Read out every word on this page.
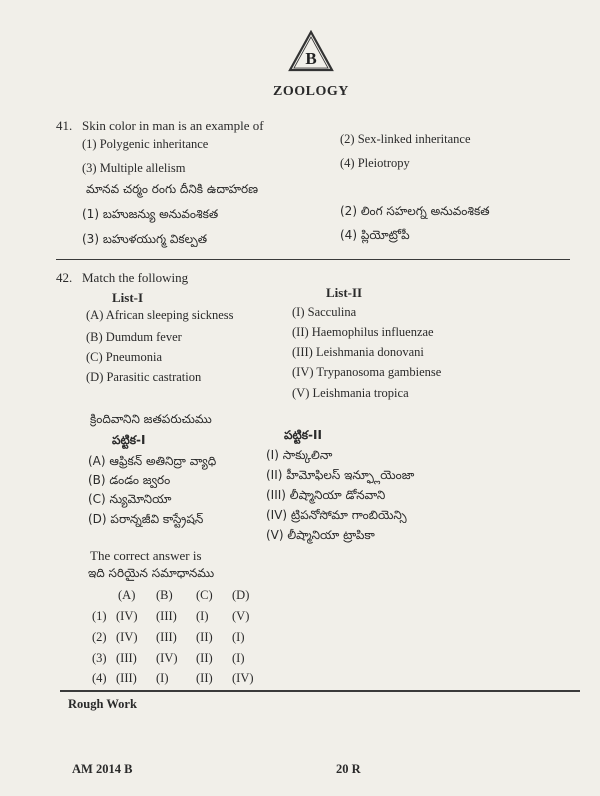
B
ZOOLOGY
41. Skin color in man is an example of
(1) Polygenic inheritance	(2) Sex-linked inheritance
(3) Multiple allelism	(4) Pleiotropy
మానవ చర్మం రంగు దీనికి ఉదాహరణ
(1) బహుజన్యు అనువంశికత	(2) లింగ సహలగ్న అనువంశికత
(3) బహుళయుగ్మ వికల్పత	(4) ప్లియోట్రోపీ
42. Match the following
List-I	List-II
(A) African sleeping sickness
(B) Dumdum fever
(C) Pneumonia
(D) Parasitic castration
(I) Sacculina
(II) Haemophilus influenzae
(III) Leishmania donovani
(IV) Trypanosoma gambiense
(V) Leishmania tropica
క్రిందివానిని జతపరుచుము
పట్టిక-I	పట్టిక-II
(A) ఆఫ్రికన్ అతినిద్రా వ్యాధి
(B) డండం జ్వరం
(C) న్యుమోనియా
(D) పరాన్నజీవి కాస్ట్రేషన్
(I) సాక్కులినా
(II) హీమోఫిలస్ ఇన్ఫ్లూయెంజా
(III) లీష్మానియా డోనవాని
(IV) ట్రిపనోసోమా గాంబియెన్సి
(V) లీష్మానియా ట్రాపికా
The correct answer is
ఇది సరియైన సమాధానము
(A) (B) (C) (D)
(1) (IV) (III) (I) (V)
(2) (IV) (III) (II) (I)
(3) (III) (IV) (II) (I)
(4) (III) (I) (II) (IV)
Rough Work
AM 2014 B	20 R
